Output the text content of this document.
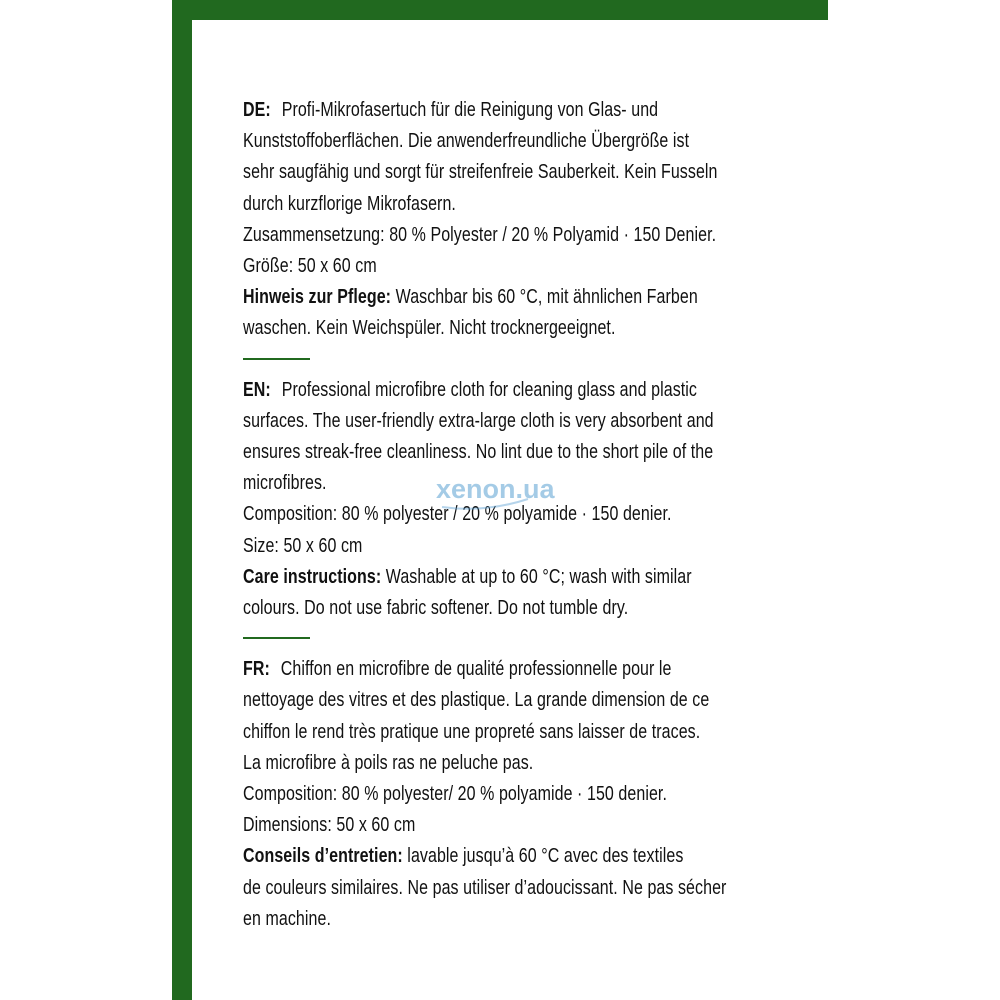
DE: Profi-Mikrofasertuch für die Reinigung von Glas- und

Kunststoffoberflächen. Die anwenderfreundliche Übergröße ist

sehr saugfähig und sorgt für streifenfreie Sauberkeit. Kein Fusseln

durch kurzflorige Mikrofasern.

Zusammensetzung: 80 % Polyester / 20 % Polyamid · 150 Denier.

Größe: 50 x 60 cm

Hinweis zur Pflege: Waschbar bis 60 °C, mit ähnlichen Farben

waschen. Kein Weichspüler. Nicht trocknergeeignet.

EN: Professional microfibre cloth for cleaning glass and plastic

surfaces. The user-friendly extra-large cloth is very absorbent and

ensures streak-free cleanliness. No lint due to the short pile of the

microfibres.

Composition: 80 % polyester / 20 % polyamide · 150 denier.

Size: 50 x 60 cm

Care instructions: Washable at up to 60 °C; wash with similar

colours. Do not use fabric softener. Do not tumble dry.

FR: Chiffon en microfibre de qualité professionnelle pour le

nettoyage des vitres et des plastique. La grande dimension de ce

chiffon le rend très pratique une propreté sans laisser de traces.

La microfibre à poils ras ne peluche pas.

Composition: 80 % polyester/ 20 % polyamide · 150 denier.

Dimensions: 50 x 60 cm

Conseils d’entretien: lavable jusqu’à 60 °C avec des textiles

de couleurs similaires. Ne pas utiliser d’adoucissant. Ne pas sécher

en machine.

xenon.ua
